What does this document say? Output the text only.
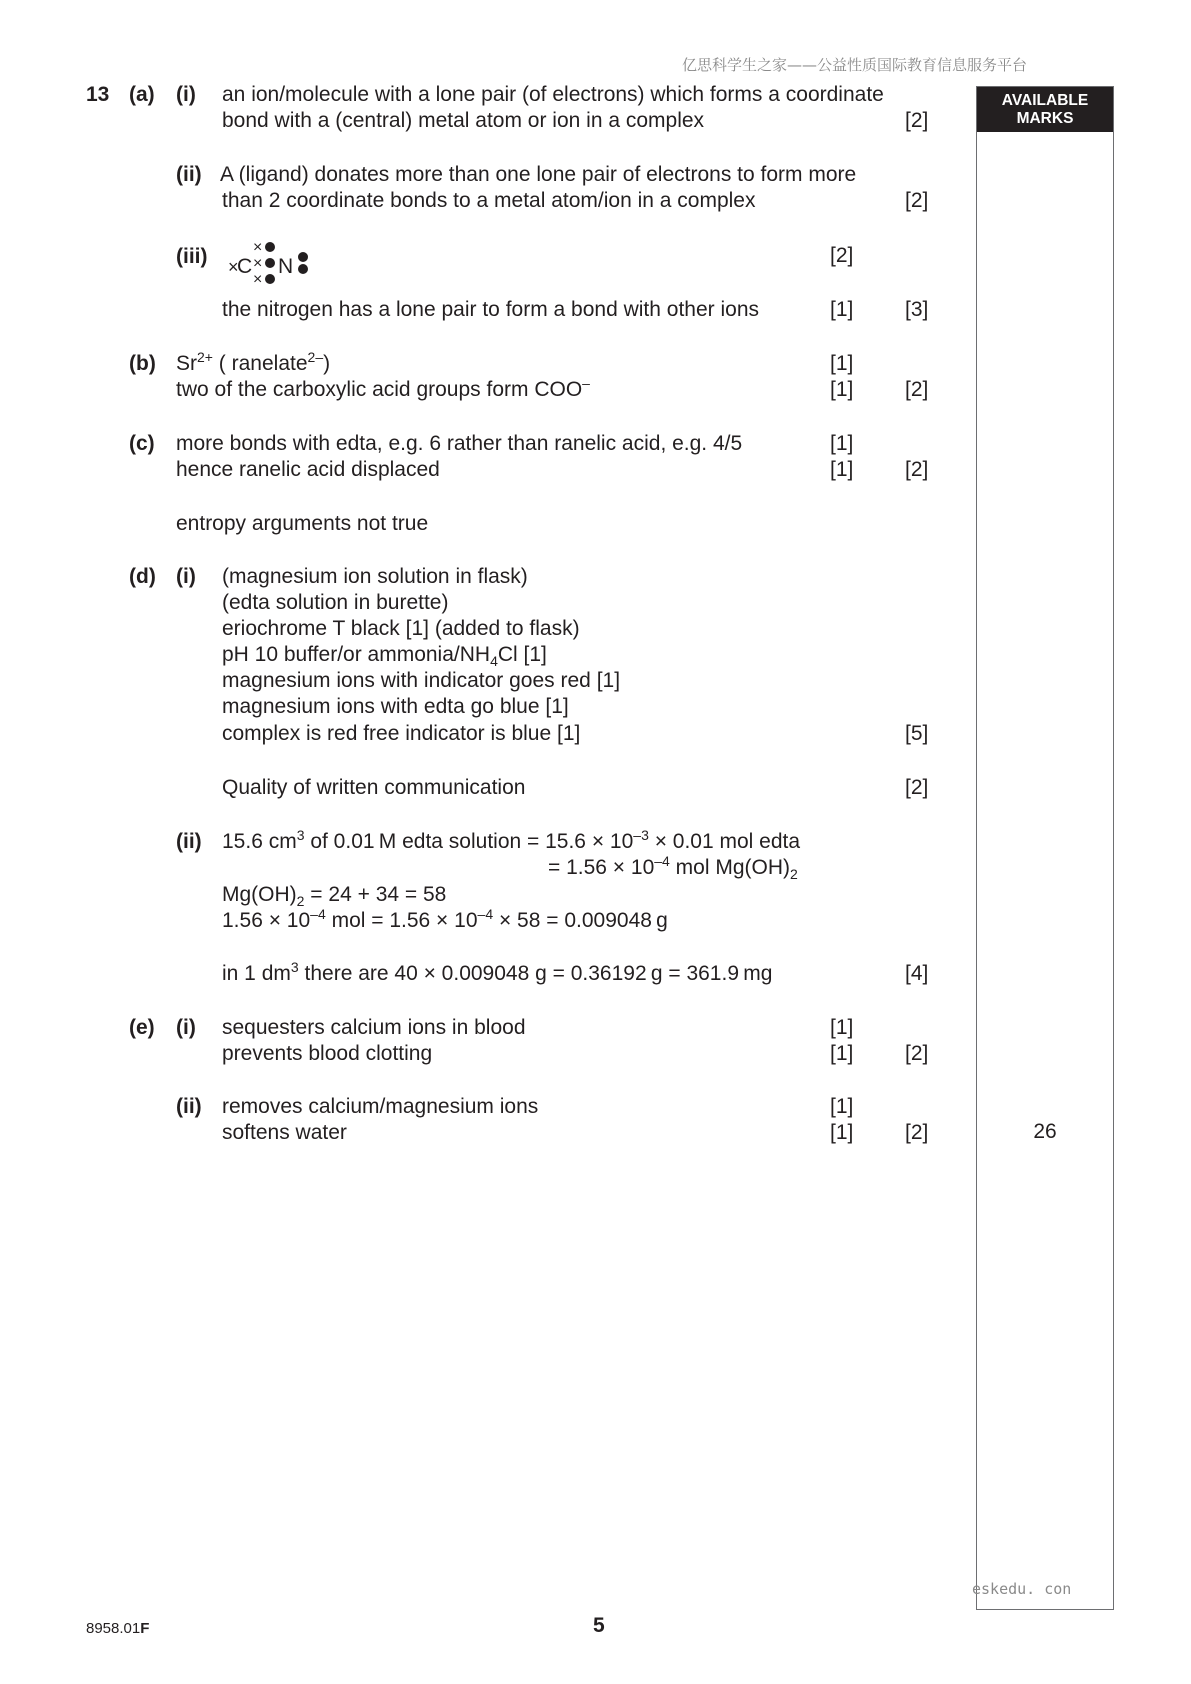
亿思科学生之家——公益性质国际教育信息服务平台
AVAILABLE
MARKS
26
13 (a) (i) an ion/molecule with a lone pair (of electrons) which forms a coordinate
bond with a (central) metal atom or ion in a complex	[2]
(ii) A (ligand) donates more than one lone pair of electrons to form more
than 2 coordinate bonds to a metal atom/ion in a complex	[2]
(iii) ×
C
×
×
×
N	[2]
the nitrogen has a lone pair to form a bond with other ions	[1] [3]
(b) $Sr^{2+}$ ( ranelate$^{2-}$)	[1]
two of the carboxylic acid groups form COO–	[1] [2]
(c) more bonds with edta, e.g. 6 rather than ranelic acid, e.g. 4/5	[1]
hence ranelic acid displaced	[1] [2]
entropy arguments not true
(d) (i) (magnesium ion solution in flask)
(edta solution in burette)
eriochrome T black [1] (added to flask)
pH 10 buffer/or ammonia/$NH_4Cl$ [1]
magnesium ions with indicator goes red [1]
magnesium ions with edta go blue [1]
complex is red free indicator is blue [1]	[5]
Quality of written communication	[2]
(ii) 15.6 $cm^3$ of 0.01 M edta solution = $15.6 \times 10^{-3} \times 0.01$ mol edta
= $1.56 \times 10^{-4}$ mol $Mg(OH)_2$
$Mg(OH)_2 = 24 + 34 = 58$
$1.56 \times 10^{-4}$ mol = $1.56 \times 10^{-4} \times 58 = 0.009048$ g
in 1 $dm^3$ there are 40 × 0.009048 g = 0.36192 g = 361.9 mg	[4]
(e) (i) sequesters calcium ions in blood	[1]
prevents blood clotting	[1] [2]
(ii) removes calcium/magnesium ions	[1]
softens water	[1] [2]
eskedu. con
8958.01F	5
